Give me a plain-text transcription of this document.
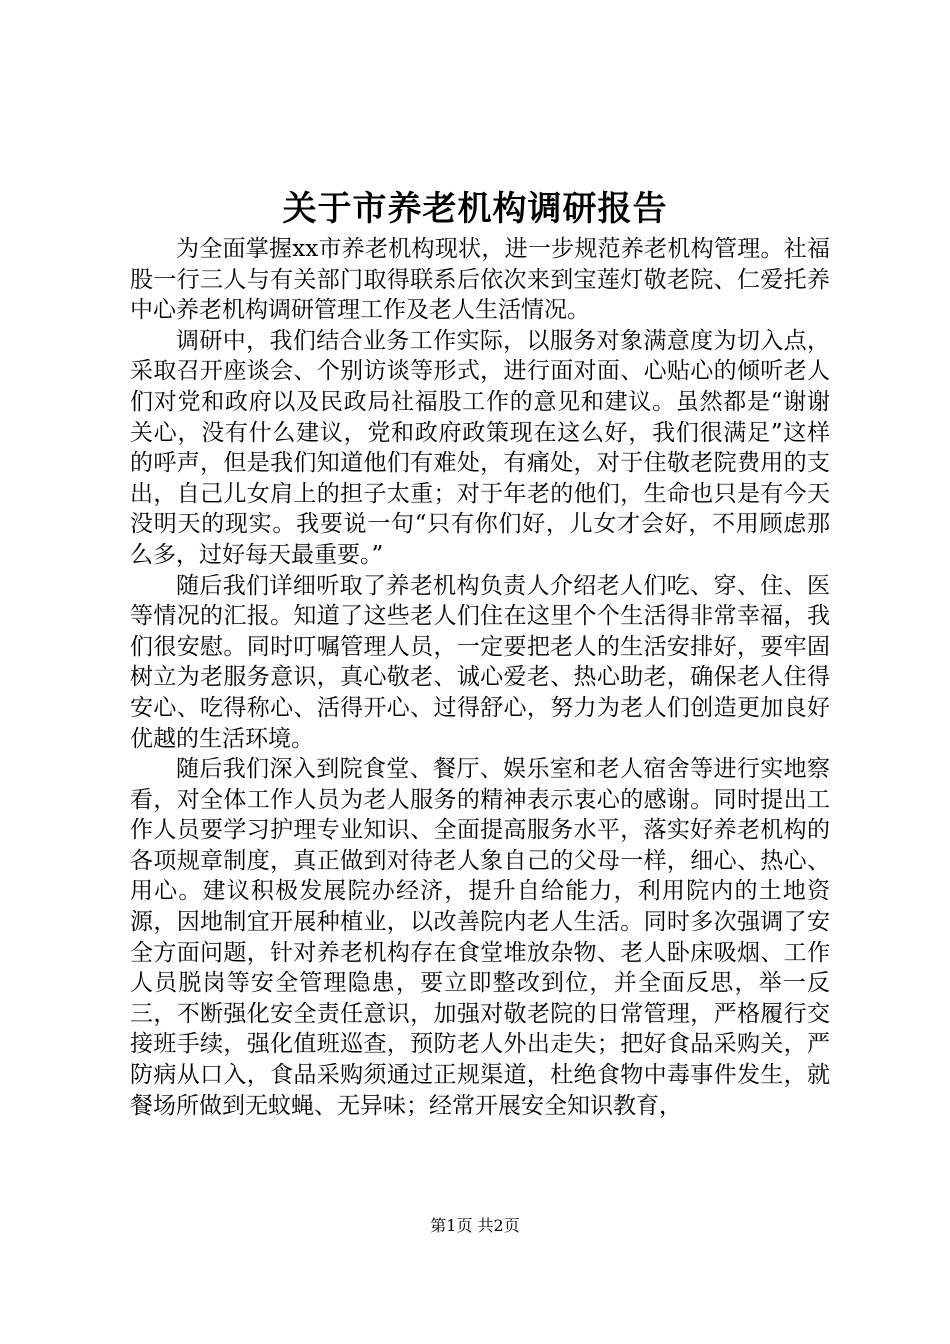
关于市养老机构调研报告

为全面掌握xx市养老机构现状，进一步规范养老机构管理。社福股一行三人与有关部门取得联系后依次来到宝莲灯敬老院、仁爱托养中心养老机构调研管理工作及老人生活情况。

调研中，我们结合业务工作实际，以服务对象满意度为切入点，采取召开座谈会、个别访谈等形式，进行面对面、心贴心的倾听老人们对党和政府以及民政局社福股工作的意见和建议。虽然都是“谢谢关心，没有什么建议，党和政府政策现在这么好，我们很满足”这样的呼声，但是我们知道他们有难处，有痛处，对于住敬老院费用的支出，自己儿女肩上的担子太重；对于年老的他们，生命也只是有今天没明天的现实。我要说一句“只有你们好，儿女才会好，不用顾虑那么多，过好每天最重要。”

随后我们详细听取了养老机构负责人介绍老人们吃、穿、住、医等情况的汇报。知道了这些老人们住在这里个个生活得非常幸福，我们很安慰。同时叮嘱管理人员，一定要把老人的生活安排好，要牢固树立为老服务意识，真心敬老、诚心爱老、热心助老，确保老人住得安心、吃得称心、活得开心、过得舒心，努力为老人们创造更加良好优越的生活环境。

随后我们深入到院食堂、餐厅、娱乐室和老人宿舍等进行实地察看，对全体工作人员为老人服务的精神表示衷心的感谢。同时提出工作人员要学习护理专业知识、全面提高服务水平，落实好养老机构的各项规章制度，真正做到对待老人象自己的父母一样，细心、热心、用心。建议积极发展院办经济，提升自给能力，利用院内的土地资源，因地制宜开展种植业，以改善院内老人生活。同时多次强调了安全方面问题，针对养老机构存在食堂堆放杂物、老人卧床吸烟、工作人员脱岗等安全管理隐患，要立即整改到位，并全面反思，举一反三，不断强化安全责任意识，加强对敬老院的日常管理，严格履行交接班手续，强化值班巡查，预防老人外出走失；把好食品采购关，严防病从口入，食品采购须通过正规渠道，杜绝食物中毒事件发生，就餐场所做到无蚊蝇、无异味；经常开展安全知识教育，

第1页 共2页
